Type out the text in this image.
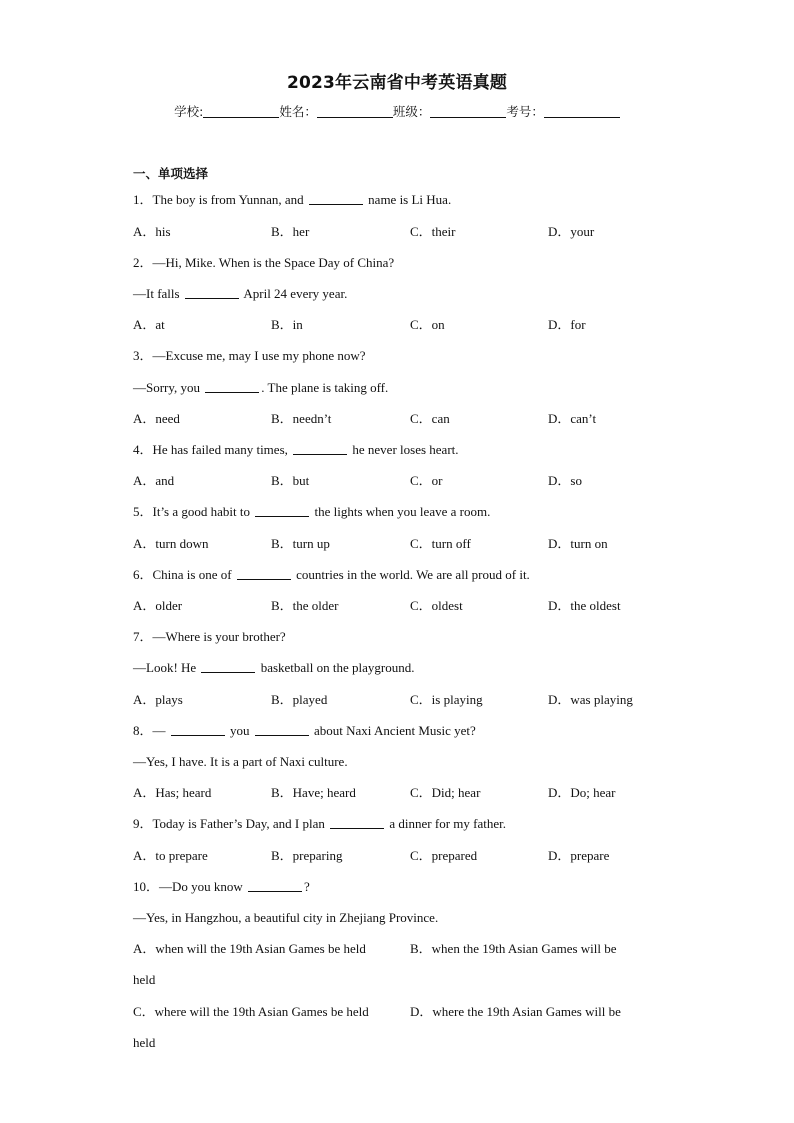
2023年云南省中考英语真题
学校:	姓名：	班级：	考号：
一、单项选择
1．The boy is from Yunnan, and	name is Li Hua.
A．his	B．her	C．their	D．your
2．—Hi, Mike. When is the Space Day of China?
—It falls	April 24 every year.
A．at	B．in	C．on	D．for
3．—Excuse me, may I use my phone now?
—Sorry, you	. The plane is taking off.
A．need	B．needn’t	C．can	D．can’t
4．He has failed many times,	he never loses heart.
A．and	B．but	C．or	D．so
5．It’s a good habit to	the lights when you leave a room.
A．turn down	B．turn up	C．turn off	D．turn on
6．China is one of	countries in the world. We are all proud of it.
A．older	B．the older	C．oldest	D．the oldest
7．—Where is your brother?
—Look! He	basketball on the playground.
A．plays	B．played	C．is playing	D．was playing
8．—	you	about Naxi Ancient Music yet?
—Yes, I have. It is a part of Naxi culture.
A．Has; heard	B．Have; heard	C．Did; hear	D．Do; hear
9．Today is Father’s Day, and I plan	a dinner for my father.
A．to prepare	B．preparing	C．prepared	D．prepare
10．—Do you know	?
—Yes, in Hangzhou, a beautiful city in Zhejiang Province.
A．when will the 19th Asian Games be held	B．when the 19th Asian Games will be
held
C．where will the 19th Asian Games be held	D．where the 19th Asian Games will be
held
